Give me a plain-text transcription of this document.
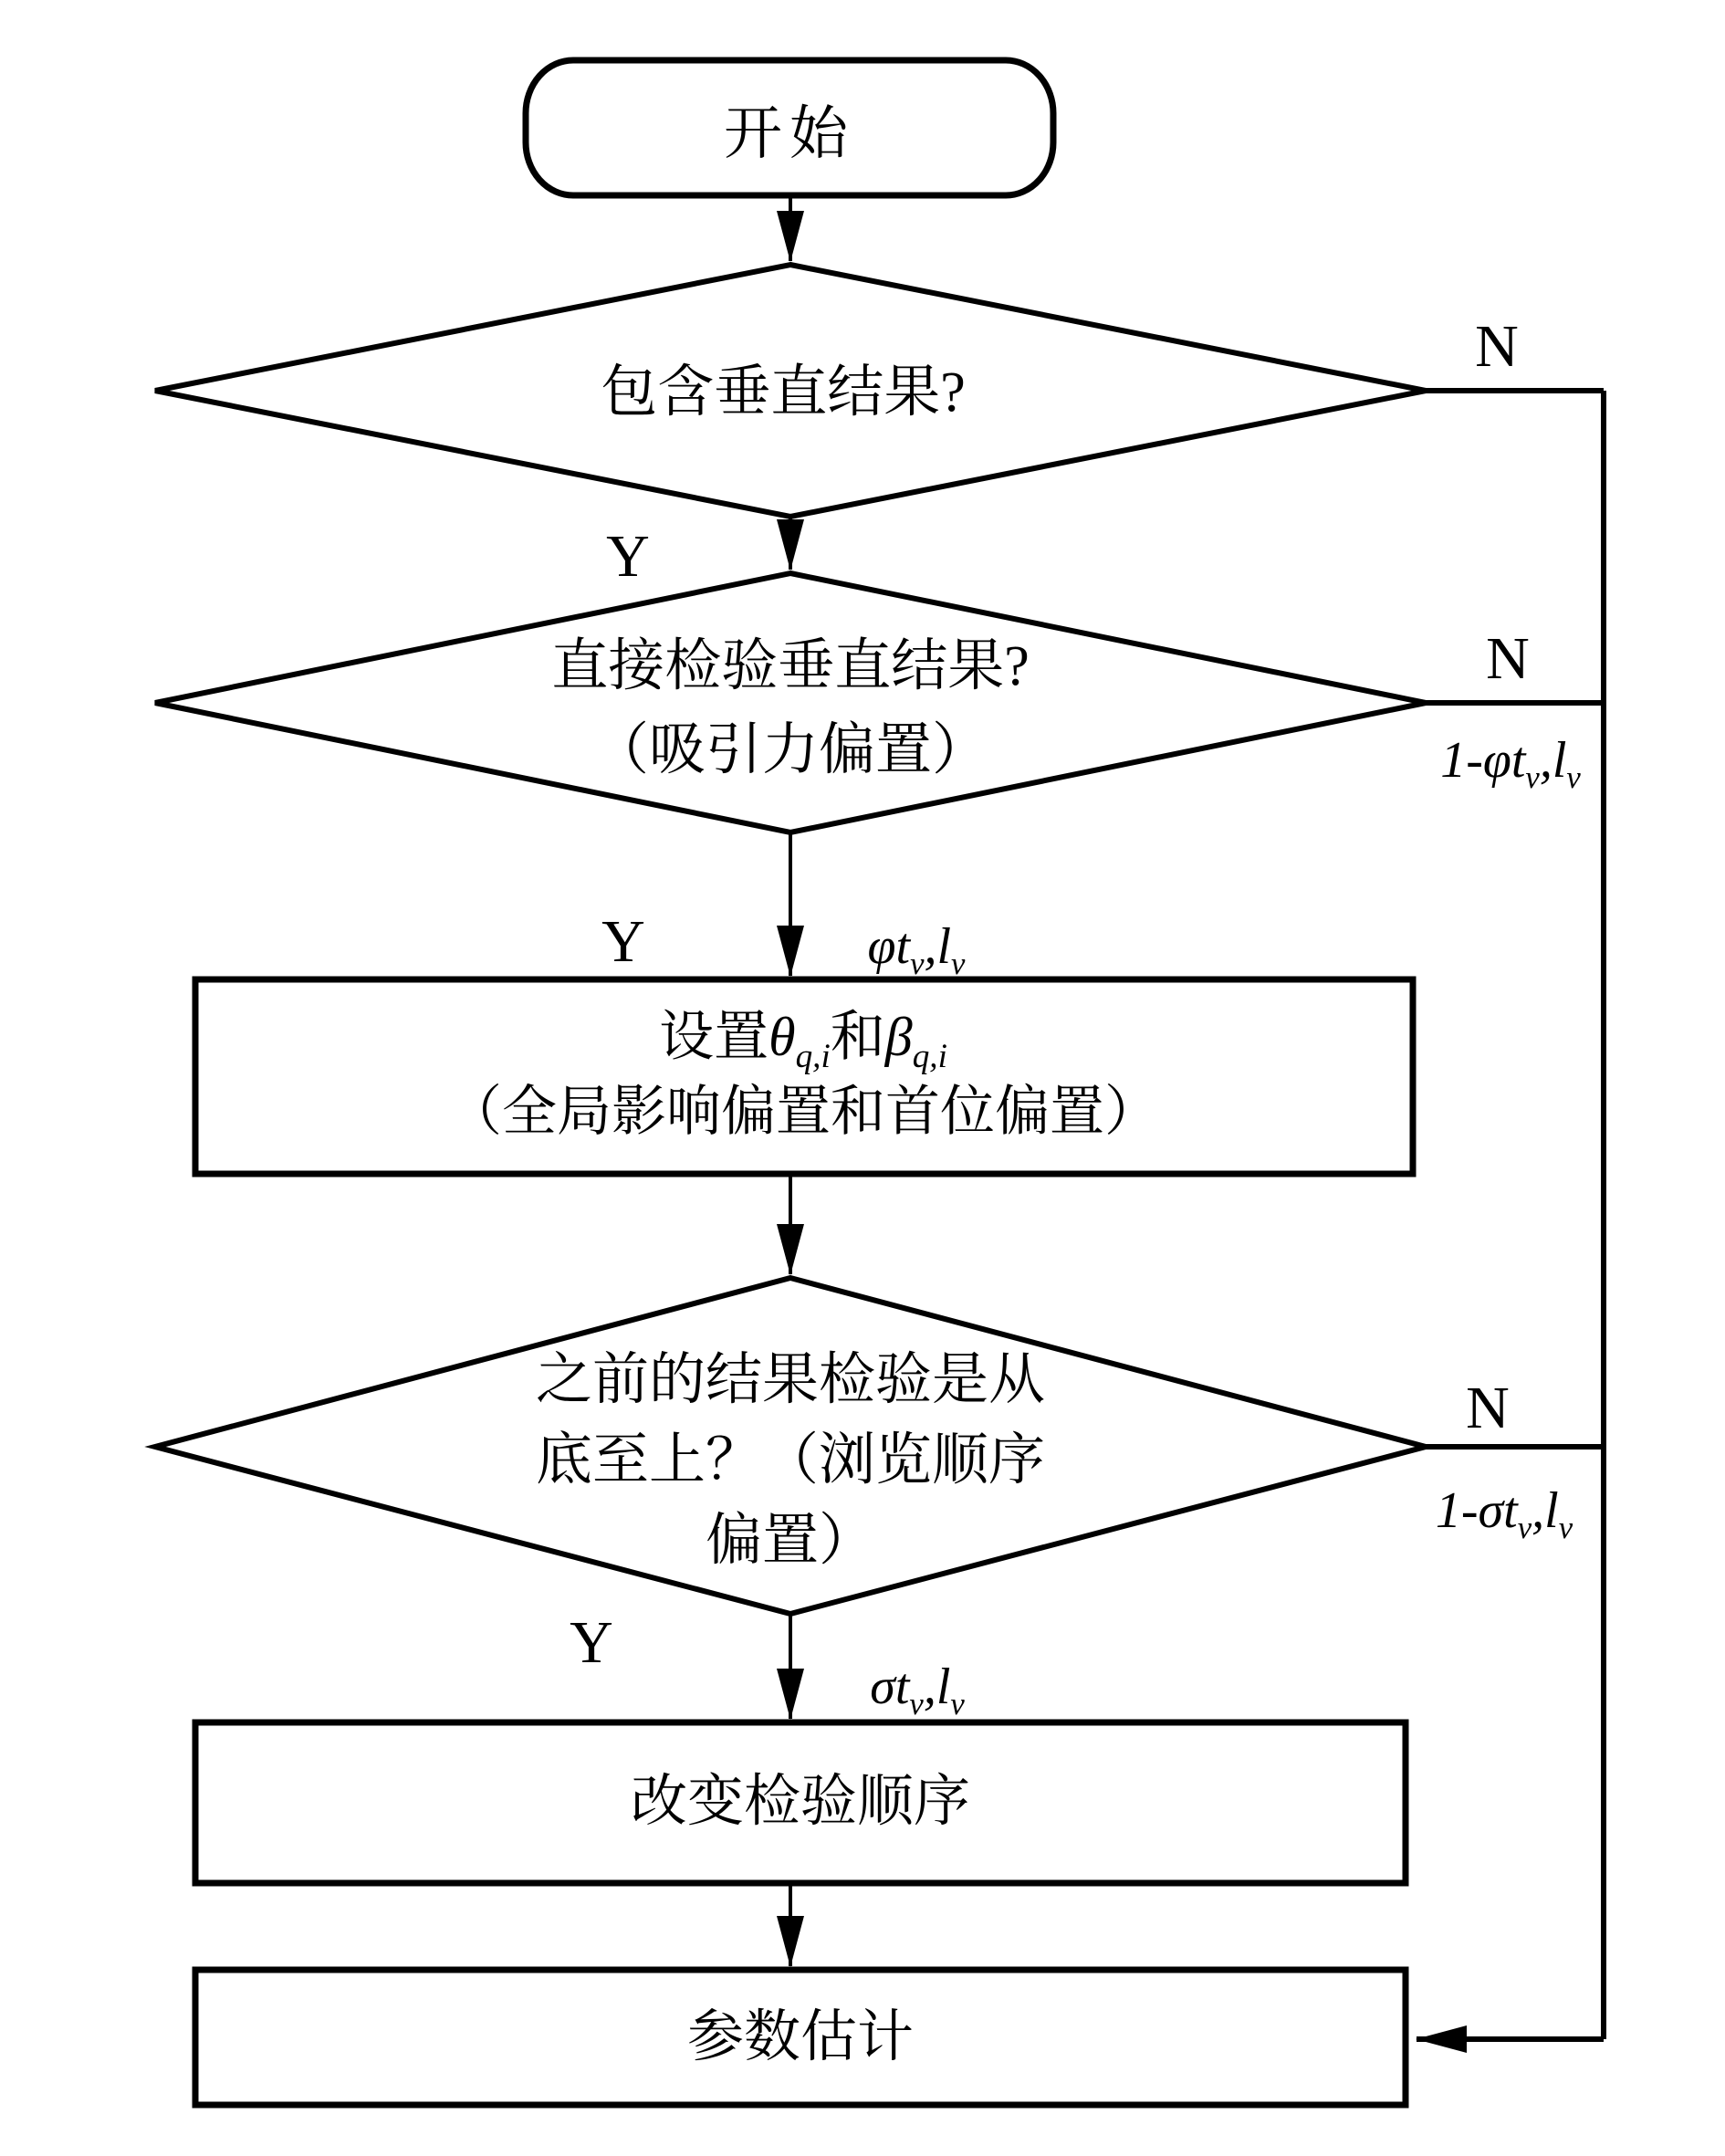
开始
包含垂直结果?
Y
N
直接检验垂直结果?
（吸引力偏置）
N
$1-\varphi t_v,l_v$
Y	$\varphi t_v,l_v$
设置$\theta_{q,i}$和$\beta_{q,i}$
（全局影响偏置和首位偏置）
之前的结果检验是从
底至上？（浏览顺序
偏置）
N
$1-\sigma t_v,l_v$
Y
$\sigma t_v,l_v$
改变检验顺序
参数估计
